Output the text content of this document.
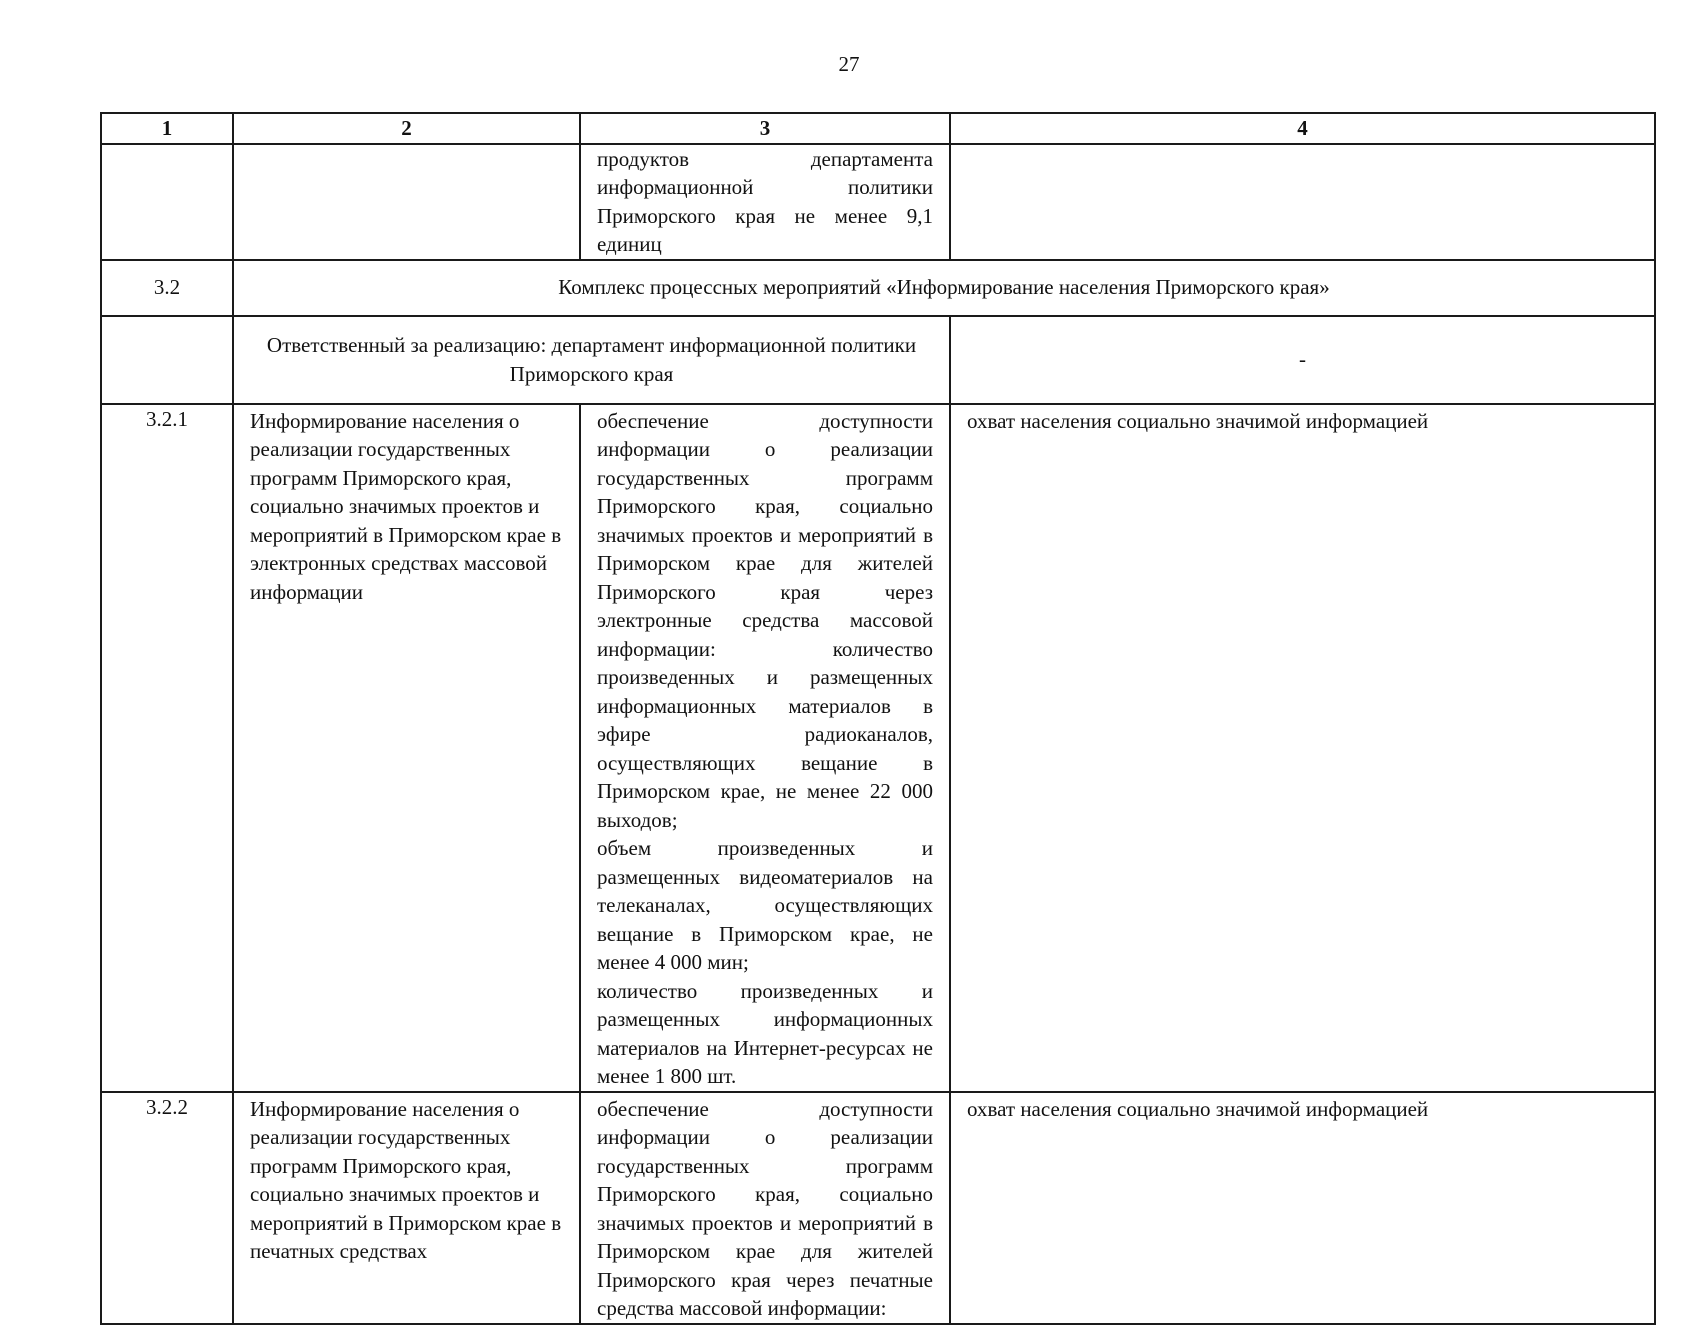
27
1	2	3	4
		продуктов департамента информационной политики Приморского края не менее 9,1 единиц	
3.2	Комплекс процессных мероприятий «Информирование населения Приморского края»		
	Ответственный за реализацию: департамент информационной политики Приморского края		-
3.2.1	Информирование населения о реализации государственных программ Приморского края, социально значимых проектов и мероприятий в Приморском крае в электронных средствах массовой информации	обеспечение доступности информации о реализации государственных программ Приморского края, социально значимых проектов и мероприятий в Приморском крае для жителей Приморского края через электронные средства массовой информации: количество произведенных и размещенных информационных материалов в эфире радиоканалов, осуществляющих вещание в Приморском крае, не менее 22 000 выходов;
объем произведенных и размещенных видеоматериалов на телеканалах, осуществляющих вещание в Приморском крае, не менее 4 000 мин;
количество произведенных и размещенных информационных материалов на Интернет-ресурсах не менее 1 800 шт.	охват населения социально значимой информацией
3.2.2	Информирование населения о реализации государственных программ Приморского края, социально значимых проектов и мероприятий в Приморском крае в печатных средствах	обеспечение доступности информации о реализации государственных программ Приморского края, социально значимых проектов и мероприятий в Приморском крае для жителей Приморского края через печатные средства массовой информации:	охват населения социально значимой информацией
